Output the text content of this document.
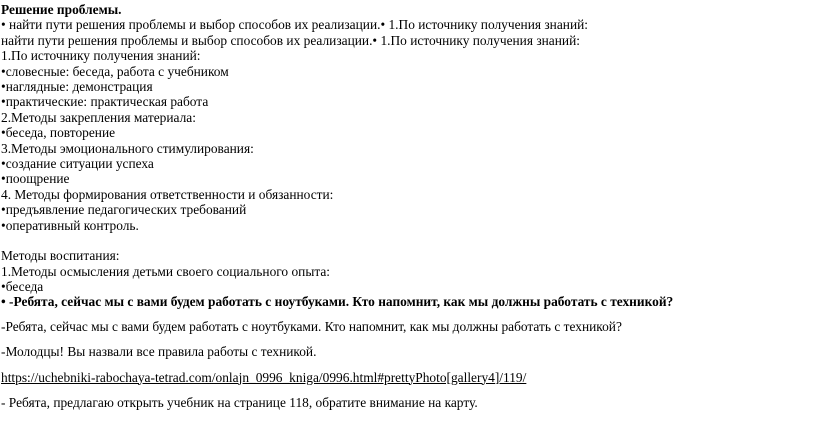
Решение проблемы.
• найти пути решения проблемы и выбор способов их реализации.• 1.По источнику получения знаний:
найти пути решения проблемы и выбор способов их реализации.• 1.По источнику получения знаний:
1.По источнику получения знаний:
•словесные: беседа, работа с учебником
•наглядные: демонстрация
•практические: практическая работа
2.Методы закрепления материала:
•беседа, повторение
3.Методы эмоционального стимулирования:
•создание ситуации успеха
•поощрение
4. Методы формирования ответственности и обязанности:
•предъявление педагогических требований
•оперативный контроль.
Методы воспитания:
1.Методы осмысления детьми своего социального опыта:
•беседа
• -Ребята, сейчас мы с вами будем работать с ноутбуками. Кто напомнит, как мы должны работать с техникой?
-Ребята, сейчас мы с вами будем работать с ноутбуками. Кто напомнит, как мы должны работать с техникой?
-Молодцы! Вы назвали все правила работы с техникой.
https://uchebniki-rabochaya-tetrad.com/onlajn_0996_kniga/0996.html#prettyPhoto[gallery4]/119/
- Ребята, предлагаю открыть учебник на странице 118, обратите внимание на карту.
